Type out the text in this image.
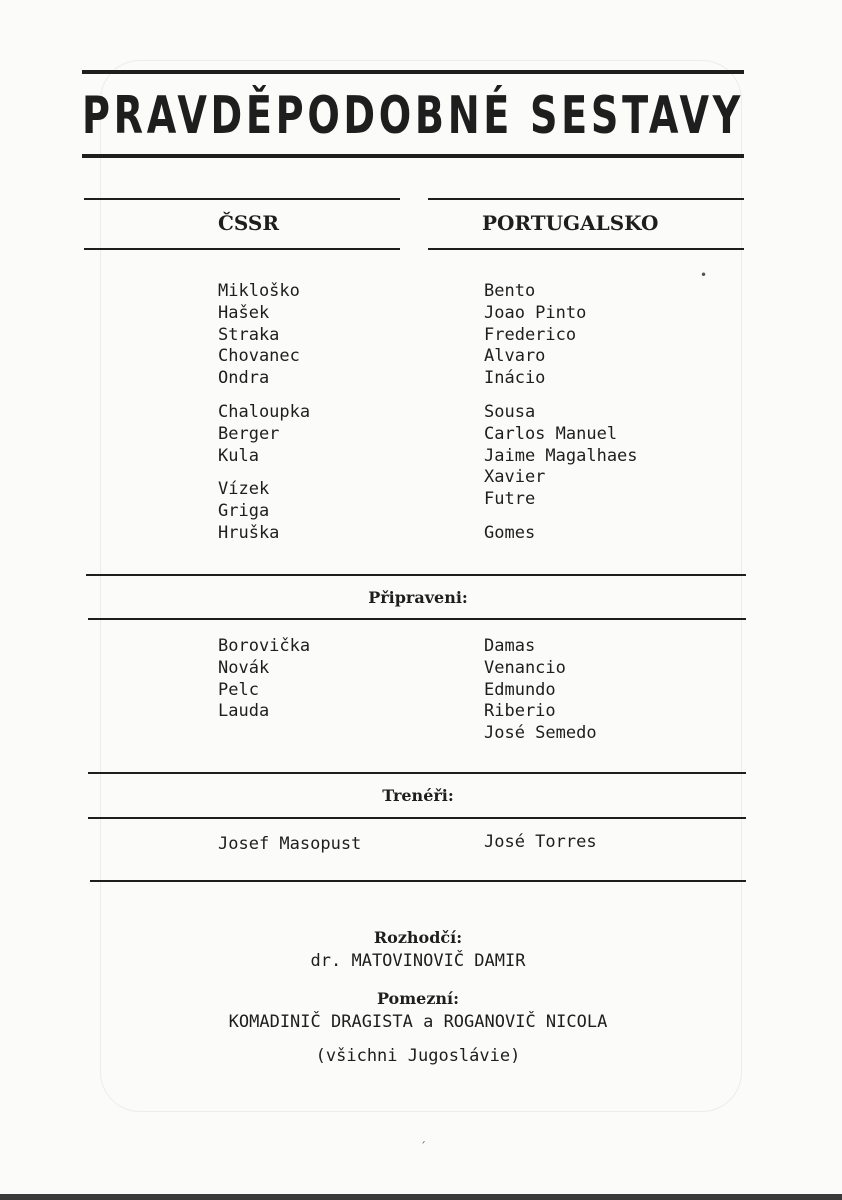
PRAVDĚPODOBNÉ SESTAVY
ČSSR	PORTUGALSKO
Mikloško
Hašek
Straka
Chovanec
Ondra
Chaloupka
Berger
Kula
Vízek
Griga
Hruška
Bento
Joao Pinto
Frederico
Alvaro
Inácio
Sousa
Carlos Manuel
Jaime Magalhaes
Xavier
Futre
Gomes
Připraveni:
Borovička
Novák
Pelc
Lauda
Damas
Venancio
Edmundo
Riberio
José Semedo
Trenéři:
Josef Masopust	José Torres
Rozhodčí:
dr. MATOVINOVIČ DAMIR
Pomezní:
KOMADINIČ DRAGISTA a ROGANOVIČ NICOLA
(všichni Jugoslávie)
•
ˊ
